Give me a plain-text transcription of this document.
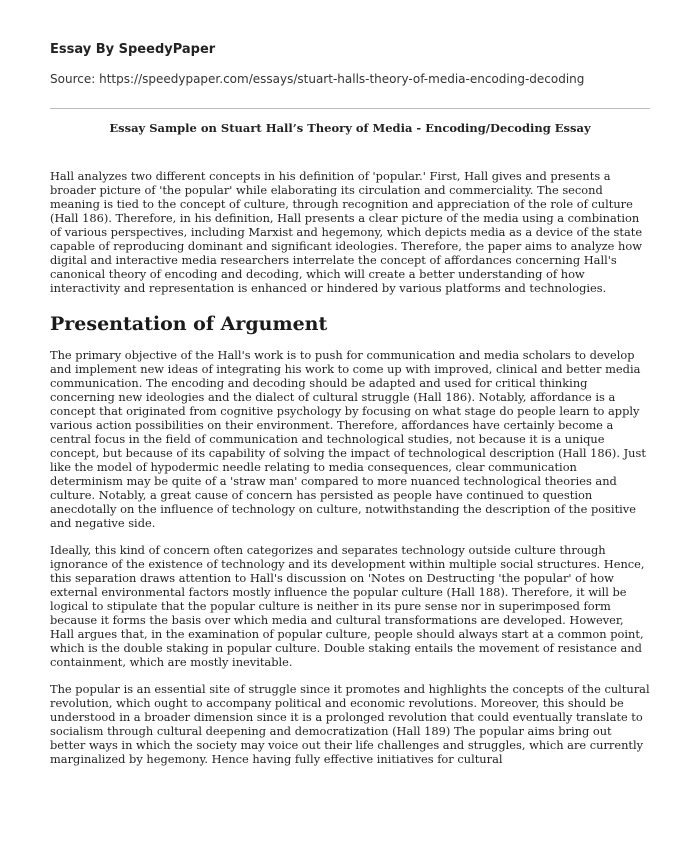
Essay By SpeedyPaper

Source: https://speedypaper.com/essays/stuart-halls-theory-of-media-encoding-decoding

Essay Sample on Stuart Hall’s Theory of Media - Encoding/Decoding Essay

Hall analyzes two different concepts in his definition of 'popular.' First, Hall gives and presents a broader picture of 'the popular' while elaborating its circulation and commerciality. The second meaning is tied to the concept of culture, through recognition and appreciation of the role of culture (Hall 186). Therefore, in his definition, Hall presents a clear picture of the media using a combination of various perspectives, including Marxist and hegemony, which depicts media as a device of the state capable of reproducing dominant and significant ideologies. Therefore, the paper aims to analyze how digital and interactive media researchers interrelate the concept of affordances concerning Hall's canonical theory of encoding and decoding, which will create a better understanding of how interactivity and representation is enhanced or hindered by various platforms and technologies.

Presentation of Argument

The primary objective of the Hall's work is to push for communication and media scholars to develop and implement new ideas of integrating his work to come up with improved, clinical and better media communication. The encoding and decoding should be adapted and used for critical thinking concerning new ideologies and the dialect of cultural struggle (Hall 186). Notably, affordance is a concept that originated from cognitive psychology by focusing on what stage do people learn to apply various action possibilities on their environment. Therefore, affordances have certainly become a central focus in the field of communication and technological studies, not because it is a unique concept, but because of its capability of solving the impact of technological description (Hall 186). Just like the model of hypodermic needle relating to media consequences, clear communication determinism may be quite of a 'straw man' compared to more nuanced technological theories and culture. Notably, a great cause of concern has persisted as people have continued to question anecdotally on the influence of technology on culture, notwithstanding the description of the positive and negative side.

Ideally, this kind of concern often categorizes and separates technology outside culture through ignorance of the existence of technology and its development within multiple social structures. Hence, this separation draws attention to Hall's discussion on 'Notes on Destructing 'the popular' of how external environmental factors mostly influence the popular culture (Hall 188). Therefore, it will be logical to stipulate that the popular culture is neither in its pure sense nor in superimposed form because it forms the basis over which media and cultural transformations are developed. However, Hall argues that, in the examination of popular culture, people should always start at a common point, which is the double staking in popular culture. Double staking entails the movement of resistance and containment, which are mostly inevitable.

The popular is an essential site of struggle since it promotes and highlights the concepts of the cultural revolution, which ought to accompany political and economic revolutions. Moreover, this should be understood in a broader dimension since it is a prolonged revolution that could eventually translate to socialism through cultural deepening and democratization (Hall 189) The popular aims bring out better ways in which the society may voice out their life challenges and struggles, which are currently marginalized by hegemony. Hence having fully effective initiatives for cultural
